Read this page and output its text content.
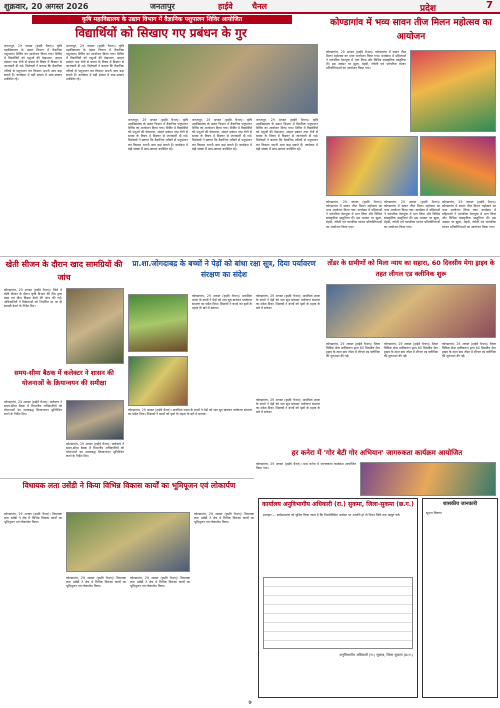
शुक्रवार, 20 अगस्त 2026	जनतापुर	हाईवे चैनल	प्रदेश	7
कृषि महाविद्यालय के उद्यान विभाग में वैज्ञानिक पशुपालन शिविर आयोजित
विद्यार्थियों को सिखाए गए प्रबंधन के गुर
जनतापुर, 29 अगस्त (हाईवे चैनल)। कृषि महाविद्यालय के उद्यान विभाग में वैज्ञानिक पशुपालन शिविर का आयोजन किया गया। शिविर में विद्यार्थियों को पशुओं की देखभाल, आहार प्रबंधन तथा रोगों से बचाव के विषय में विस्तार से जानकारी दी गई। विशेषज्ञों ने बताया कि वैज्ञानिक तरीकों से पशुपालन कर किसान अपनी आय बढ़ा सकते हैं। कार्यक्रम में बड़ी संख्या में छात्र-छात्राएं उपस्थित रहे।
जनतापुर, 29 अगस्त (हाईवे चैनल)। कृषि महाविद्यालय के उद्यान विभाग में वैज्ञानिक पशुपालन शिविर का आयोजन किया गया। शिविर में विद्यार्थियों को पशुओं की देखभाल, आहार प्रबंधन तथा रोगों से बचाव के विषय में विस्तार से जानकारी दी गई। विशेषज्ञों ने बताया कि वैज्ञानिक तरीकों से पशुपालन कर किसान अपनी आय बढ़ा सकते हैं। कार्यक्रम में बड़ी संख्या में छात्र-छात्राएं उपस्थित रहे।
जनतापुर, 29 अगस्त (हाईवे चैनल)। कृषि महाविद्यालय के उद्यान विभाग में वैज्ञानिक पशुपालन शिविर का आयोजन किया गया। शिविर में विद्यार्थियों को पशुओं की देखभाल, आहार प्रबंधन तथा रोगों से बचाव के विषय में विस्तार से जानकारी दी गई। विशेषज्ञों ने बताया कि वैज्ञानिक तरीकों से पशुपालन कर किसान अपनी आय बढ़ा सकते हैं। कार्यक्रम में बड़ी संख्या में छात्र-छात्राएं उपस्थित रहे।
जनतापुर, 29 अगस्त (हाईवे चैनल)। कृषि महाविद्यालय के उद्यान विभाग में वैज्ञानिक पशुपालन शिविर का आयोजन किया गया। शिविर में विद्यार्थियों को पशुओं की देखभाल, आहार प्रबंधन तथा रोगों से बचाव के विषय में विस्तार से जानकारी दी गई। विशेषज्ञों ने बताया कि वैज्ञानिक तरीकों से पशुपालन कर किसान अपनी आय बढ़ा सकते हैं। कार्यक्रम में बड़ी संख्या में छात्र-छात्राएं उपस्थित रहे।
जनतापुर, 29 अगस्त (हाईवे चैनल)। कृषि महाविद्यालय के उद्यान विभाग में वैज्ञानिक पशुपालन शिविर का आयोजन किया गया। शिविर में विद्यार्थियों को पशुओं की देखभाल, आहार प्रबंधन तथा रोगों से बचाव के विषय में विस्तार से जानकारी दी गई। विशेषज्ञों ने बताया कि वैज्ञानिक तरीकों से पशुपालन कर किसान अपनी आय बढ़ा सकते हैं। कार्यक्रम में बड़ी संख्या में छात्र-छात्राएं उपस्थित रहे।
कोण्डागांव में भव्य सावन तीज मिलन महोत्सव का आयोजन
कोण्डागांव, 29 अगस्त (हाईवे चैनल)। कोण्डागांव में सावन तीज मिलन महोत्सव का भव्य आयोजन किया गया। कार्यक्रम में महिलाओं ने पारंपरिक वेशभूषा में भाग लिया और विभिन्न सांस्कृतिक प्रस्तुतियां दीं। इस अवसर पर झूला, मेहंदी, रंगोली एवं पारंपरिक व्यंजन प्रतियोगिताओं का आयोजन किया गया।
कोण्डागांव, 29 अगस्त (हाईवे चैनल)। कोण्डागांव में सावन तीज मिलन महोत्सव का भव्य आयोजन किया गया। कार्यक्रम में महिलाओं ने पारंपरिक वेशभूषा में भाग लिया और विभिन्न सांस्कृतिक प्रस्तुतियां दीं। इस अवसर पर झूला, मेहंदी, रंगोली एवं पारंपरिक व्यंजन प्रतियोगिताओं का आयोजन किया गया।
कोण्डागांव, 29 अगस्त (हाईवे चैनल)। कोण्डागांव में सावन तीज मिलन महोत्सव का भव्य आयोजन किया गया। कार्यक्रम में महिलाओं ने पारंपरिक वेशभूषा में भाग लिया और विभिन्न सांस्कृतिक प्रस्तुतियां दीं। इस अवसर पर झूला, मेहंदी, रंगोली एवं पारंपरिक व्यंजन प्रतियोगिताओं का आयोजन किया गया।
कोण्डागांव, 29 अगस्त (हाईवे चैनल)। कोण्डागांव में सावन तीज मिलन महोत्सव का भव्य आयोजन किया गया। कार्यक्रम में महिलाओं ने पारंपरिक वेशभूषा में भाग लिया और विभिन्न सांस्कृतिक प्रस्तुतियां दीं। इस अवसर पर झूला, मेहंदी, रंगोली एवं पारंपरिक व्यंजन प्रतियोगिताओं का आयोजन किया गया।
खेती सीजन के दौरान खाद सामग्रियों की जांच
कोण्डागांव, 29 अगस्त (हाईवे चैनल)। जिले में खेती सीजन के दौरान कृषि विभाग की टीम द्वारा खाद एवं बीज विक्रय केंद्रों की जांच की गई। अधिकारियों ने विक्रेताओं को निर्धारित दर पर ही सामग्री बेचने के निर्देश दिए।
प्रा.शा.जोगदाबद्र के बच्चों ने पेड़ों को बांधा रक्षा सूत्र, दिया पर्यावरण संरक्षण का संदेश
कोण्डागांव, 29 अगस्त (हाईवे चैनल)। प्राथमिक शाला के बच्चों ने पेड़ों को रक्षा सूत्र बांधकर पर्यावरण संरक्षण का संदेश दिया। शिक्षकों ने बच्चों को वृक्षों के महत्व के बारे में बताया।
कोण्डागांव, 29 अगस्त (हाईवे चैनल)। प्राथमिक शाला के बच्चों ने पेड़ों को रक्षा सूत्र बांधकर पर्यावरण संरक्षण का संदेश दिया। शिक्षकों ने बच्चों को वृक्षों के महत्व के बारे में बताया।
तोंडर के ग्रामीणों को मिला न्याय का सहारा, 60 दिवसीय मेगा ड्राइव के तहत लीगल एड क्लीनिक शुरू
कोण्डागांव, 29 अगस्त (हाईवे चैनल)। जिला विधिक सेवा प्राधिकरण द्वारा 60 दिवसीय मेगा ड्राइव के तहत ग्राम तोंडर में लीगल एड क्लीनिक की शुरुआत की गई।
कोण्डागांव, 29 अगस्त (हाईवे चैनल)। जिला विधिक सेवा प्राधिकरण द्वारा 60 दिवसीय मेगा ड्राइव के तहत ग्राम तोंडर में लीगल एड क्लीनिक की शुरुआत की गई।
कोण्डागांव, 29 अगस्त (हाईवे चैनल)। जिला विधिक सेवा प्राधिकरण द्वारा 60 दिवसीय मेगा ड्राइव के तहत ग्राम तोंडर में लीगल एड क्लीनिक की शुरुआत की गई।
समय-सीमा बैठक में कलेक्टर ने शासन की योजनाओं के क्रियान्वयन की समीक्षा
कोण्डागांव, 29 अगस्त (हाईवे चैनल)। कलेक्टर ने समय-सीमा बैठक में विभागीय अधिकारियों को योजनाओं का समयबद्ध क्रियान्वयन सुनिश्चित करने के निर्देश दिए।
कोण्डागांव, 29 अगस्त (हाईवे चैनल)। कलेक्टर ने समय-सीमा बैठक में विभागीय अधिकारियों को योजनाओं का समयबद्ध क्रियान्वयन सुनिश्चित करने के निर्देश दिए।
कोण्डागांव, 29 अगस्त (हाईवे चैनल)। प्राथमिक शाला के बच्चों ने पेड़ों को रक्षा सूत्र बांधकर पर्यावरण संरक्षण का संदेश दिया। शिक्षकों ने बच्चों को वृक्षों के महत्व के बारे में बताया।
कोण्डागांव, 29 अगस्त (हाईवे चैनल)। प्राथमिक शाला के बच्चों ने पेड़ों को रक्षा सूत्र बांधकर पर्यावरण संरक्षण का संदेश दिया। शिक्षकों ने बच्चों को वृक्षों के महत्व के बारे में बताया।
हर कनेरा में 'गोर बेटी गोर अभियान' जागरुकता कार्यक्रम आयोजित
कोण्डागांव, 29 अगस्त (हाईवे चैनल)। ग्राम कनेरा में जागरुकता कार्यक्रम आयोजित किया गया।
विधायक लता उसेंडी ने किया विभिन्न विकास कार्यों का भूमिपूजन एवं लोकार्पण
कोण्डागांव, 29 अगस्त (हाईवे चैनल)। विधायक लता उसेंडी ने क्षेत्र में विभिन्न विकास कार्यों का भूमिपूजन एवं लोकार्पण किया।
कोण्डागांव, 29 अगस्त (हाईवे चैनल)। विधायक लता उसेंडी ने क्षेत्र में विभिन्न विकास कार्यों का भूमिपूजन एवं लोकार्पण किया।
कोण्डागांव, 29 अगस्त (हाईवे चैनल)। विधायक लता उसेंडी ने क्षेत्र में विभिन्न विकास कार्यों का भूमिपूजन एवं लोकार्पण किया।
कोण्डागांव, 29 अगस्त (हाईवे चैनल)। विधायक लता उसेंडी ने क्षेत्र में विभिन्न विकास कार्यों का भूमिपूजन एवं लोकार्पण किया।
कार्यालय अनुविभागीय अधिकारी (रा.) सुकमा, जिला-सुकमा (छ.ग.)
इश्तहार — सर्वसाधारण को सूचित किया जाता है कि निम्नलिखित आवेदन पर आपत्ति हो तो नियत तिथि तक प्रस्तुत करें।
अनुविभागीय अधिकारी (रा.) सुकमा, जिला सुकमा (छ.ग.)
शासकीय जानकारी
सूचना विवरण
७
